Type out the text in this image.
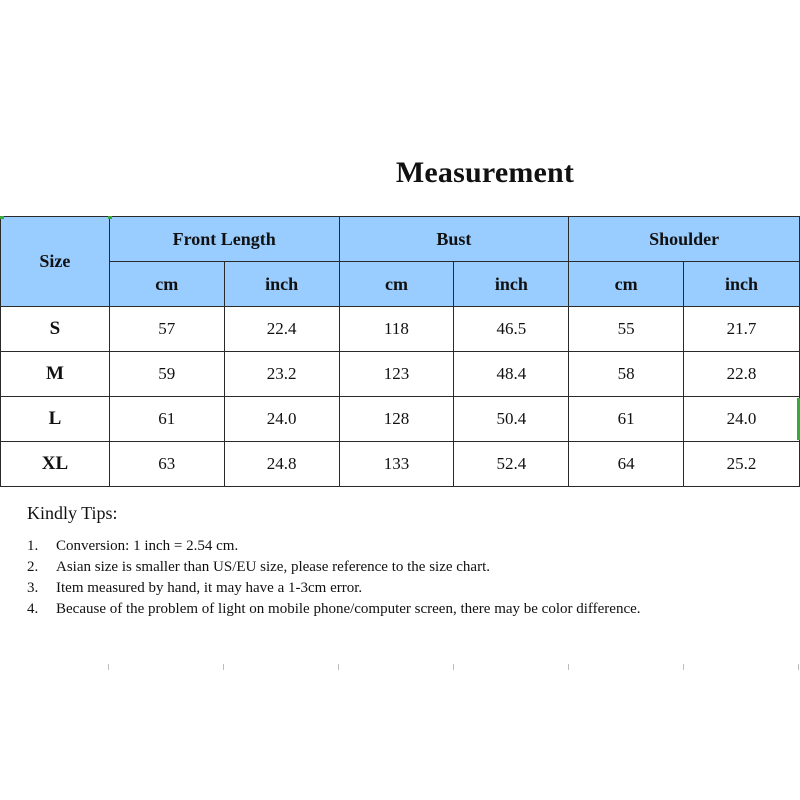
Measurement
Size	Front Length		Bust		Shoulder	
	cm	inch	cm	inch	cm	inch
S	57	22.4	118	46.5	55	21.7
M	59	23.2	123	48.4	58	22.8
L	61	24.0	128	50.4	61	24.0
XL	63	24.8	133	52.4	64	25.2
Kindly Tips:
1. Conversion: 1 inch = 2.54 cm.
2. Asian size is smaller than US/EU size, please reference to the size chart.
3. Item measured by hand, it may have a 1-3cm error.
4. Because of the problem of light on mobile phone/computer screen, there may be color difference.
